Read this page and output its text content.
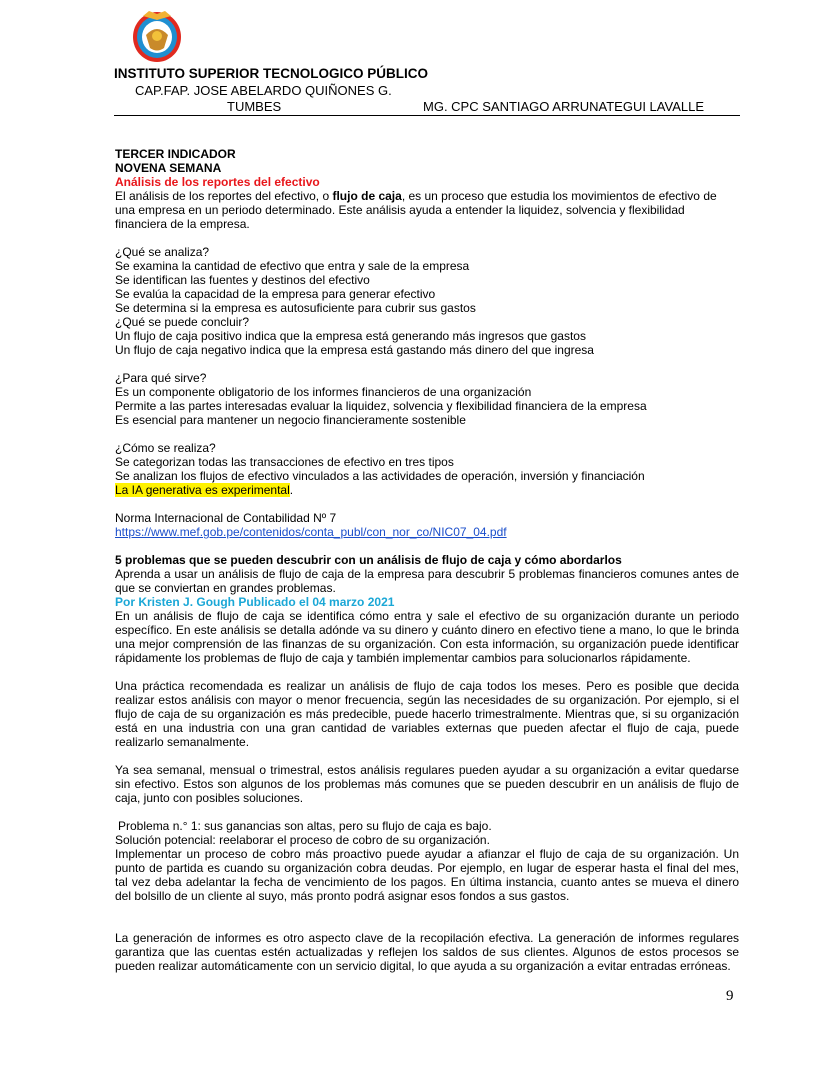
INSTITUTO SUPERIOR TECNOLOGICO PÚBLICO
CAP.FAP. JOSE ABELARDO QUIÑONES G.
TUMBES	MG. CPC SANTIAGO ARRUNATEGUI LAVALLE

TERCER INDICADOR

NOVENA SEMANA

Análisis de los reportes del efectivo

El análisis de los reportes del efectivo, o flujo de caja, es un proceso que estudia los movimientos de efectivo de una empresa en un periodo determinado. Este análisis ayuda a entender la liquidez, solvencia y flexibilidad financiera de la empresa.

¿Qué se analiza?

Se examina la cantidad de efectivo que entra y sale de la empresa

Se identifican las fuentes y destinos del efectivo

Se evalúa la capacidad de la empresa para generar efectivo

Se determina si la empresa es autosuficiente para cubrir sus gastos

¿Qué se puede concluir?

Un flujo de caja positivo indica que la empresa está generando más ingresos que gastos

Un flujo de caja negativo indica que la empresa está gastando más dinero del que ingresa

¿Para qué sirve?

Es un componente obligatorio de los informes financieros de una organización

Permite a las partes interesadas evaluar la liquidez, solvencia y flexibilidad financiera de la empresa

Es esencial para mantener un negocio financieramente sostenible

¿Cómo se realiza?

Se categorizan todas las transacciones de efectivo en tres tipos

Se analizan los flujos de efectivo vinculados a las actividades de operación, inversión y financiación

La IA generativa es experimental.

Norma Internacional de Contabilidad Nº 7

https://www.mef.gob.pe/contenidos/conta_publ/con_nor_co/NIC07_04.pdf

5 problemas que se pueden descubrir con un análisis de flujo de caja y cómo abordarlos

Aprenda a usar un análisis de flujo de caja de la empresa para descubrir 5 problemas financieros comunes antes de que se conviertan en grandes problemas.

Por Kristen J. Gough Publicado el 04 marzo 2021

En un análisis de flujo de caja se identifica cómo entra y sale el efectivo de su organización durante un periodo específico. En este análisis se detalla adónde va su dinero y cuánto dinero en efectivo tiene a mano, lo que le brinda una mejor comprensión de las finanzas de su organización. Con esta información, su organización puede identificar rápidamente los problemas de flujo de caja y también implementar cambios para solucionarlos rápidamente.

Una práctica recomendada es realizar un análisis de flujo de caja todos los meses. Pero es posible que decida realizar estos análisis con mayor o menor frecuencia, según las necesidades de su organización. Por ejemplo, si el flujo de caja de su organización es más predecible, puede hacerlo trimestralmente. Mientras que, si su organización está en una industria con una gran cantidad de variables externas que pueden afectar el flujo de caja, puede realizarlo semanalmente.

Ya sea semanal, mensual o trimestral, estos análisis regulares pueden ayudar a su organización a evitar quedarse sin efectivo. Estos son algunos de los problemas más comunes que se pueden descubrir en un análisis de flujo de caja, junto con posibles soluciones.

Problema n.° 1: sus ganancias son altas, pero su flujo de caja es bajo.

Solución potencial: reelaborar el proceso de cobro de su organización.

Implementar un proceso de cobro más proactivo puede ayudar a afianzar el flujo de caja de su organización. Un punto de partida es cuando su organización cobra deudas. Por ejemplo, en lugar de esperar hasta el final del mes, tal vez deba adelantar la fecha de vencimiento de los pagos. En última instancia, cuanto antes se mueva el dinero del bolsillo de un cliente al suyo, más pronto podrá asignar esos fondos a sus gastos.

La generación de informes es otro aspecto clave de la recopilación efectiva. La generación de informes regulares garantiza que las cuentas estén actualizadas y reflejen los saldos de sus clientes. Algunos de estos procesos se pueden realizar automáticamente con un servicio digital, lo que ayuda a su organización a evitar entradas erróneas.

9
